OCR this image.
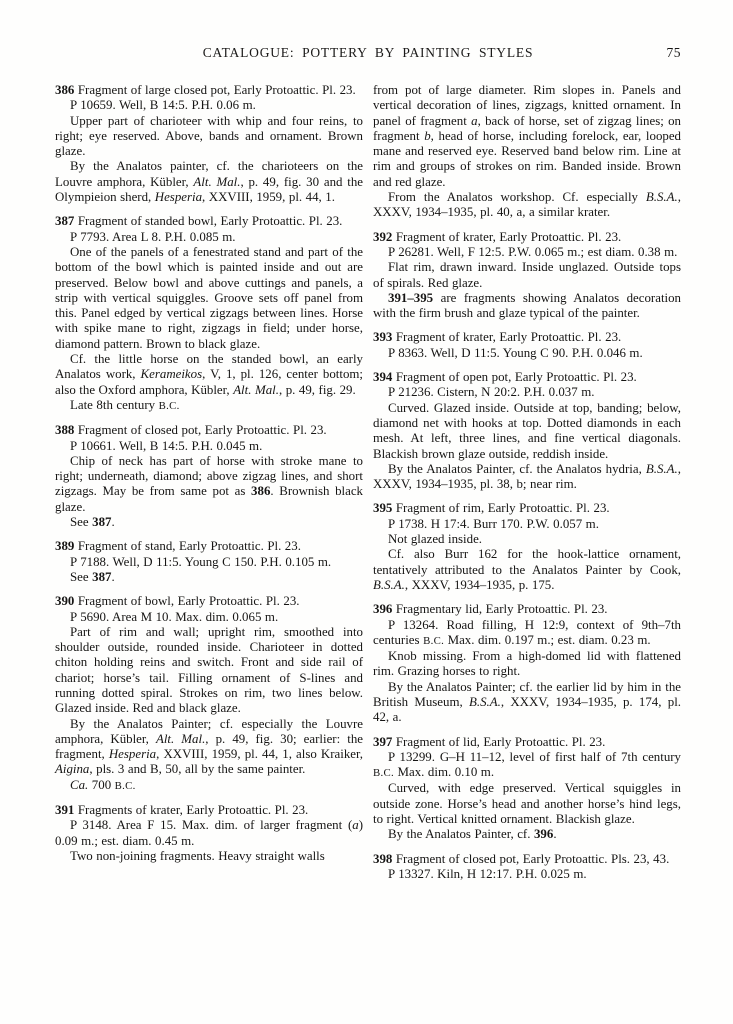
CATALOGUE: POTTERY BY PAINTING STYLES	75

386 Fragment of large closed pot, Early Protoattic. Pl. 23.

P 10659. Well, B 14:5. P.H. 0.06 m.

Upper part of charioteer with whip and four reins, to right; eye reserved. Above, bands and ornament. Brown glaze.

By the Analatos painter, cf. the charioteers on the Louvre amphora, Kübler, Alt. Mal., p. 49, fig. 30 and the Olympieion sherd, Hesperia, XXVIII, 1959, pl. 44, 1.

387 Fragment of standed bowl, Early Protoattic. Pl. 23.

P 7793. Area L 8. P.H. 0.085 m.

One of the panels of a fenestrated stand and part of the bottom of the bowl which is painted inside and out are preserved. Below bowl and above cuttings and panels, a strip with vertical squiggles. Groove sets off panel from this. Panel edged by vertical zigzags between lines. Horse with spike mane to right, zigzags in field; under horse, diamond pattern. Brown to black glaze.

Cf. the little horse on the standed bowl, an early Analatos work, Kerameikos, V, 1, pl. 126, center bottom; also the Oxford amphora, Kübler, Alt. Mal., p. 49, fig. 29.

Late 8th century B.C.

388 Fragment of closed pot, Early Protoattic. Pl. 23.

P 10661. Well, B 14:5. P.H. 0.045 m.

Chip of neck has part of horse with stroke mane to right; underneath, diamond; above zigzag lines, and short zigzags. May be from same pot as 386. Brownish black glaze.

See 387.

389 Fragment of stand, Early Protoattic. Pl. 23.

P 7188. Well, D 11:5. Young C 150. P.H. 0.105 m.

See 387.

390 Fragment of bowl, Early Protoattic. Pl. 23.

P 5690. Area M 10. Max. dim. 0.065 m.

Part of rim and wall; upright rim, smoothed into shoulder outside, rounded inside. Charioteer in dotted chiton holding reins and switch. Front and side rail of chariot; horse’s tail. Filling ornament of S-lines and running dotted spiral. Strokes on rim, two lines below. Glazed inside. Red and black glaze.

By the Analatos Painter; cf. especially the Louvre amphora, Kübler, Alt. Mal., p. 49, fig. 30; earlier: the fragment, Hesperia, XXVIII, 1959, pl. 44, 1, also Kraiker, Aigina, pls. 3 and B, 50, all by the same painter.

Ca. 700 B.C.

391 Fragments of krater, Early Protoattic. Pl. 23.

P 3148. Area F 15. Max. dim. of larger fragment (a) 0.09 m.; est. diam. 0.45 m.

Two non-joining fragments. Heavy straight walls

from pot of large diameter. Rim slopes in. Panels and vertical decoration of lines, zigzags, knitted ornament. In panel of fragment a, back of horse, set of zigzag lines; on fragment b, head of horse, including forelock, ear, looped mane and reserved eye. Reserved band below rim. Line at rim and groups of strokes on rim. Banded inside. Brown and red glaze.

From the Analatos workshop. Cf. especially B.S.A., XXXV, 1934–1935, pl. 40, a, a similar krater.

392 Fragment of krater, Early Protoattic. Pl. 23.

P 26281. Well, F 12:5. P.W. 0.065 m.; est diam. 0.38 m.

Flat rim, drawn inward. Inside unglazed. Outside tops of spirals. Red glaze.

391–395 are fragments showing Analatos decoration with the firm brush and glaze typical of the painter.

393 Fragment of krater, Early Protoattic. Pl. 23.

P 8363. Well, D 11:5. Young C 90. P.H. 0.046 m.

394 Fragment of open pot, Early Protoattic. Pl. 23.

P 21236. Cistern, N 20:2. P.H. 0.037 m.

Curved. Glazed inside. Outside at top, banding; below, diamond net with hooks at top. Dotted diamonds in each mesh. At left, three lines, and fine vertical diagonals. Blackish brown glaze outside, reddish inside.

By the Analatos Painter, cf. the Analatos hydria, B.S.A., XXXV, 1934–1935, pl. 38, b; near rim.

395 Fragment of rim, Early Protoattic. Pl. 23.

P 1738. H 17:4. Burr 170. P.W. 0.057 m.

Not glazed inside.

Cf. also Burr 162 for the hook-lattice ornament, tentatively attributed to the Analatos Painter by Cook, B.S.A., XXXV, 1934–1935, p. 175.

396 Fragmentary lid, Early Protoattic. Pl. 23.

P 13264. Road filling, H 12:9, context of 9th–7th centuries B.C. Max. dim. 0.197 m.; est. diam. 0.23 m.

Knob missing. From a high-domed lid with flattened rim. Grazing horses to right.

By the Analatos Painter; cf. the earlier lid by him in the British Museum, B.S.A., XXXV, 1934–1935, p. 174, pl. 42, a.

397 Fragment of lid, Early Protoattic. Pl. 23.

P 13299. G–H 11–12, level of first half of 7th century B.C. Max. dim. 0.10 m.

Curved, with edge preserved. Vertical squiggles in outside zone. Horse’s head and another horse’s hind legs, to right. Vertical knitted ornament. Blackish glaze.

By the Analatos Painter, cf. 396.

398 Fragment of closed pot, Early Protoattic. Pls. 23, 43.

P 13327. Kiln, H 12:17. P.H. 0.025 m.
